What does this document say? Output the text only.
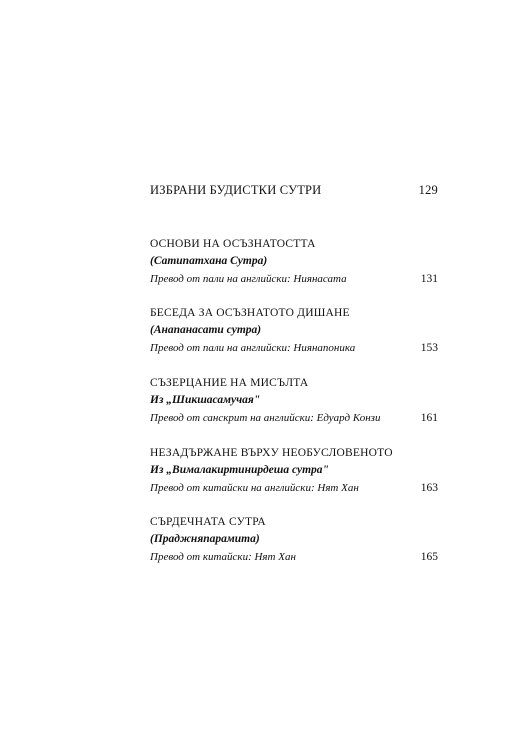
ИЗБРАНИ БУДИСТКИ СУТРИ	129
ОСНОВИ НА ОСЪЗНАТОСТТА
(Сатипатхана Сутра)
Превод от пали на английски: Ниянасата	131
БЕСЕДА ЗА ОСЪЗНАТОТО ДИШАНЕ
(Анапанасати сутра)
Превод от пали на английски: Ниянапоника	153
СЪЗЕРЦАНИЕ НА МИСЪЛТА
Из „Шикшасамучая"
Превод от санскрит на английски: Едуард Конзи	161
НЕЗАДЪРЖАНЕ ВЪРХУ НЕОБУСЛОВЕНОТО
Из „Вималакиртинирдеша сутра"
Превод от китайски на английски: Нят Хан	163
СЪРДЕЧНАТА СУТРА
(Праджняпарамита)
Превод от китайски: Нят Хан	165
